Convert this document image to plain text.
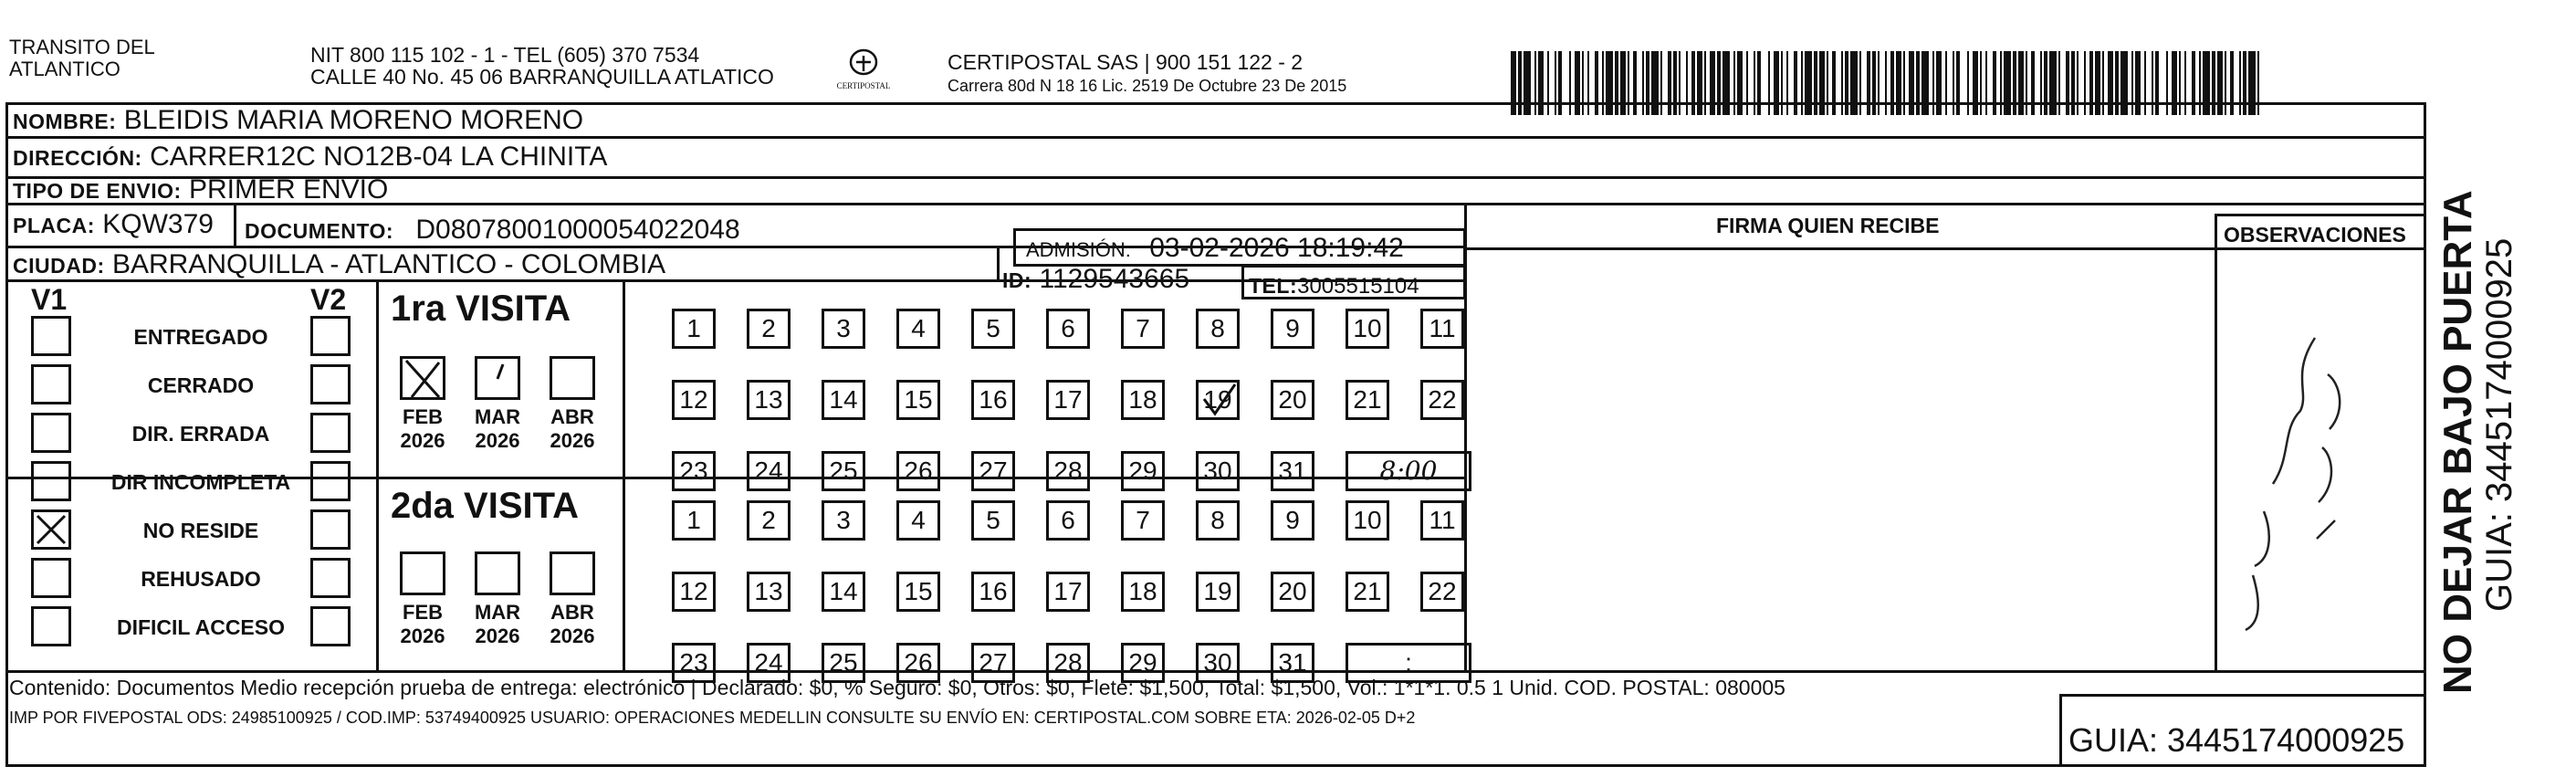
TRANSITO DEL
ATLANTICO
NIT 800 115 102 - 1 - TEL (605) 370 7534
CALLE 40 No. 45 06 BARRANQUILLA ATLATICO	CERTIPOSTAL
CERTIPOSTAL SAS | 900 151 122 - 2
Carrera 80d N 18 16 Lic. 2519 De Octubre 23 De 2015
NOMBRE: BLEIDIS MARIA MORENO MORENO
DIRECCIÓN: CARRER12C NO12B-04 LA CHINITA
TIPO DE ENVIO: PRIMER ENVIO
PLACA: KQW379 DOCUMENTO: D08078001000054022048
ADMISIÓN: 03-02-2026 18:19:42
CIUDAD: BARRANQUILLA - ATLANTICO - COLOMBIA
ID: 1129543665	TEL:3005515104
FIRMA QUIEN RECIBE	OBSERVACIONES
V1	V2
ENTREGADO
CERRADO
DIR. ERRADA
DIR INCOMPLETA
NO RESIDE
REHUSADO
DIFICIL ACCESO
1ra VISITA
FEB
2026
MAR
2026
ABR
2026
1	2	3	4	5	6	7	8	9	10	11
12	13	14	15	16	17	18	19	20	21	22
23	24	25	26	27	28	29	30	31	8:00
2da VISITA
FEB
2026
MAR
2026
ABR
2026
1	2	3	4	5	6	7	8	9	10	11
12	13	14	15	16	17	18	19	20	21	22
23	24	25	26	27	28	29	30	31	:
Contenido: Documentos Medio recepción prueba de entrega: electrónico | Declarado: $0, % Seguro: $0, Otros: $0, Flete: $1,500, Total: $1,500, Vol.: 1*1*1. 0.5 1 Unid. COD. POSTAL: 080005
IMP POR FIVEPOSTAL ODS: 24985100925 / COD.IMP: 53749400925 USUARIO: OPERACIONES MEDELLIN CONSULTE SU ENVÍO EN: CERTIPOSTAL.COM SOBRE ETA: 2026-02-05 D+2
GUIA: 3445174000925
NO DEJAR BAJO PUERTA GUIA: 3445174000925
